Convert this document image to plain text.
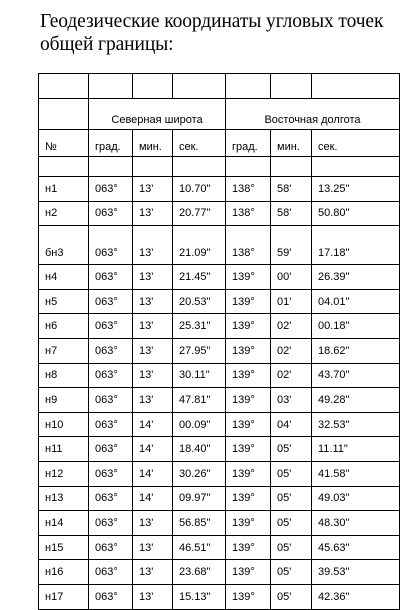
Геодезические координаты угловых точек общей границы:

	Северная широта			Восточная долгота		
№	град.	мин.	сек.	град.	мин.	сек.

н1	063°	13'	10.70"	138°	58'	13.25"
н2	063°	13'	20.77"	138°	58'	50.80"
бн3	063°	13'	21.09"	138°	59'	17.18"
н4	063°	13'	21.45"	139°	00'	26.39"
н5	063°	13'	20.53"	139°	01'	04.01"
н6	063°	13'	25.31"	139°	02'	00.18"
н7	063°	13'	27.95"	139°	02'	18.62"
н8	063°	13'	30.11"	139°	02'	43.70"
н9	063°	13'	47.81"	139°	03'	49.28"
н10	063°	14'	00.09"	139°	04'	32.53"
н11	063°	14'	18.40"	139°	05'	11.11"
н12	063°	14'	30.26"	139°	05'	41.58"
н13	063°	14'	09.97"	139°	05'	49.03"
н14	063°	13'	56.85"	139°	05'	48.30"
н15	063°	13'	46.51"	139°	05'	45.63"
н16	063°	13'	23.68"	139°	05'	39.53"
н17	063°	13'	15.13"	139°	05'	42.36"
